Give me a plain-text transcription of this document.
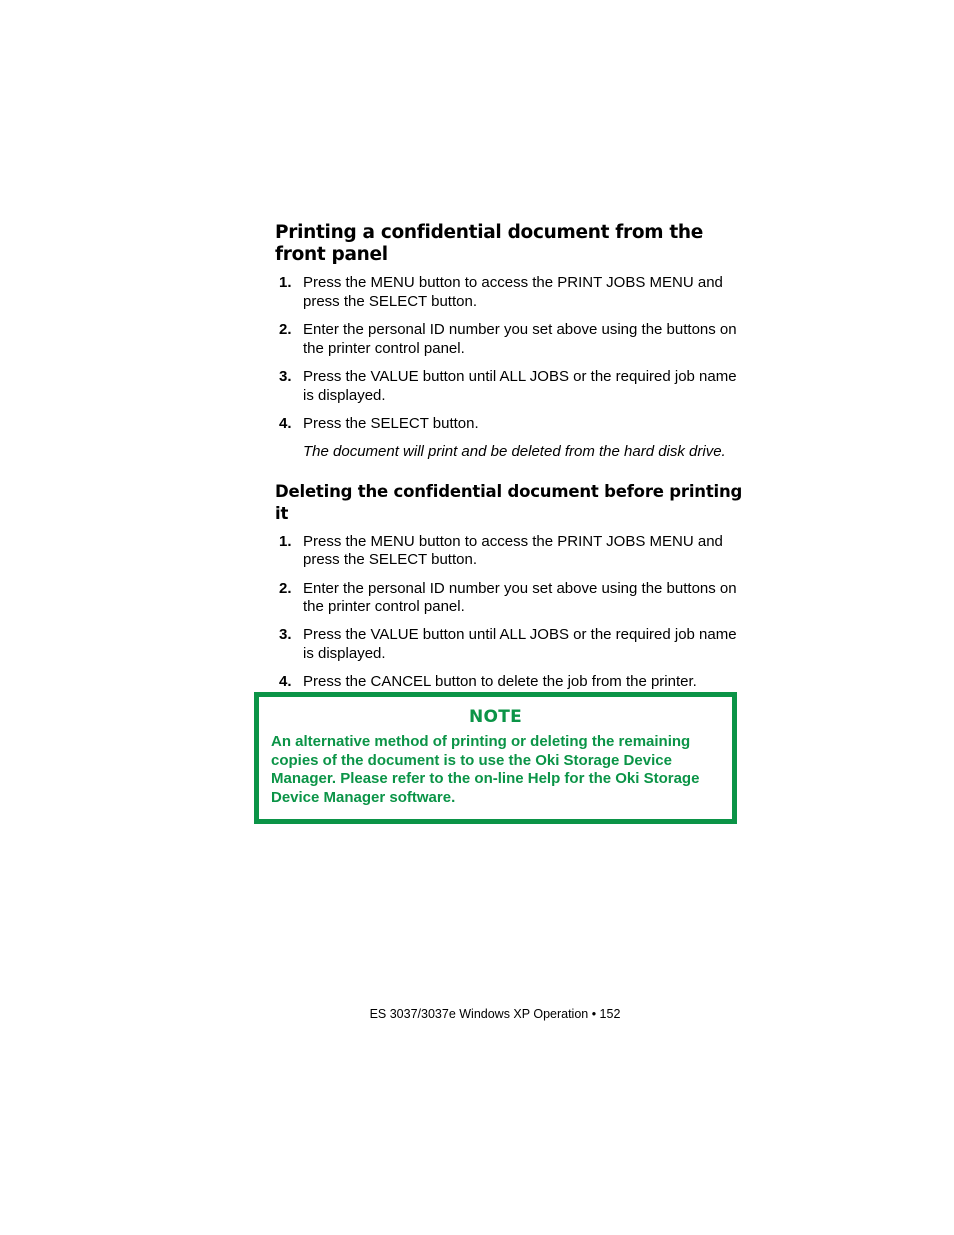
Printing a confidential document from the front panel
1. Press the MENU button to access the PRINT JOBS MENU and press the SELECT button.
2. Enter the personal ID number you set above using the buttons on the printer control panel.
3. Press the VALUE button until ALL JOBS or the required job name is displayed.
4. Press the SELECT button.

The document will print and be deleted from the hard disk drive.

Deleting the confidential document before printing it
1. Press the MENU button to access the PRINT JOBS MENU and press the SELECT button.
2. Enter the personal ID number you set above using the buttons on the printer control panel.
3. Press the VALUE button until ALL JOBS or the required job name is displayed.
4. Press the CANCEL button to delete the job from the printer.
NOTE
An alternative method of printing or deleting the remaining copies of the document is to use the Oki Storage Device Manager. Please refer to the on-line Help for the Oki Storage Device Manager software.
ES 3037/3037e Windows XP Operation • 152
